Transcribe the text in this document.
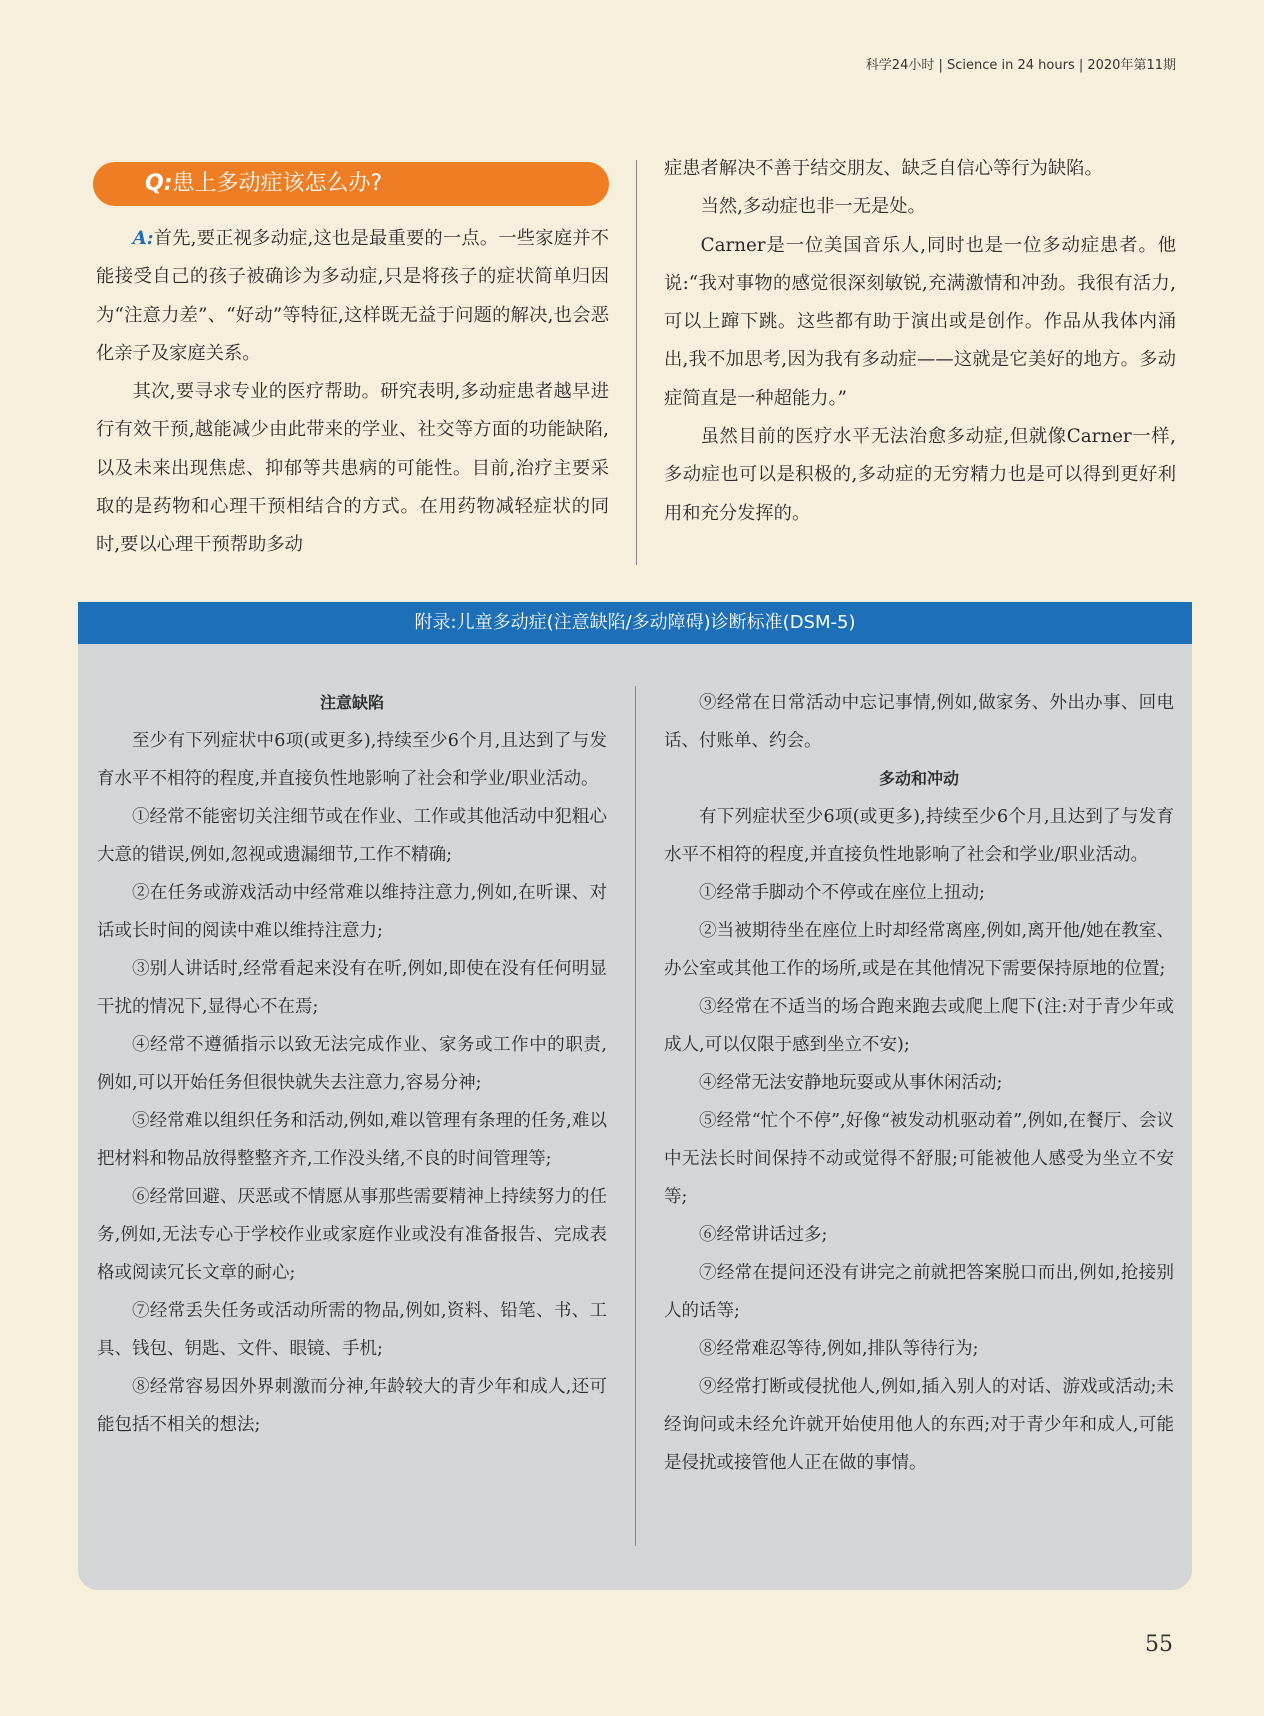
科学24小时 | Science in 24 hours | 2020年第11期
Q:患上多动症该怎么办?

A:首先,要正视多动症,这也是最重要的一点。一些家庭并不能接受自己的孩子被确诊为多动症,只是将孩子的症状简单归因为“注意力差”、“好动”等特征,这样既无益于问题的解决,也会恶化亲子及家庭关系。

其次,要寻求专业的医疗帮助。研究表明,多动症患者越早进行有效干预,越能减少由此带来的学业、社交等方面的功能缺陷,以及未来出现焦虑、抑郁等共患病的可能性。目前,治疗主要采取的是药物和心理干预相结合的方式。在用药物减轻症状的同时,要以心理干预帮助多动

症患者解决不善于结交朋友、缺乏自信心等行为缺陷。

当然,多动症也非一无是处。

Carner是一位美国音乐人,同时也是一位多动症患者。他说:“我对事物的感觉很深刻敏锐,充满激情和冲劲。我很有活力,可以上蹿下跳。这些都有助于演出或是创作。作品从我体内涌出,我不加思考,因为我有多动症——这就是它美好的地方。多动症简直是一种超能力。”

虽然目前的医疗水平无法治愈多动症,但就像Carner一样,多动症也可以是积极的,多动症的无穷精力也是可以得到更好利用和充分发挥的。

附录:儿童多动症(注意缺陷/多动障碍)诊断标准(DSM-5)

注意缺陷

至少有下列症状中6项(或更多),持续至少6个月,且达到了与发育水平不相符的程度,并直接负性地影响了社会和学业/职业活动。

①经常不能密切关注细节或在作业、工作或其他活动中犯粗心大意的错误,例如,忽视或遗漏细节,工作不精确;

②在任务或游戏活动中经常难以维持注意力,例如,在听课、对话或长时间的阅读中难以维持注意力;

③别人讲话时,经常看起来没有在听,例如,即使在没有任何明显干扰的情况下,显得心不在焉;

④经常不遵循指示以致无法完成作业、家务或工作中的职责,例如,可以开始任务但很快就失去注意力,容易分神;

⑤经常难以组织任务和活动,例如,难以管理有条理的任务,难以把材料和物品放得整整齐齐,工作没头绪,不良的时间管理等;

⑥经常回避、厌恶或不情愿从事那些需要精神上持续努力的任务,例如,无法专心于学校作业或家庭作业或没有准备报告、完成表格或阅读冗长文章的耐心;

⑦经常丢失任务或活动所需的物品,例如,资料、铅笔、书、工具、钱包、钥匙、文件、眼镜、手机;

⑧经常容易因外界刺激而分神,年龄较大的青少年和成人,还可能包括不相关的想法;

⑨经常在日常活动中忘记事情,例如,做家务、外出办事、回电话、付账单、约会。

多动和冲动

有下列症状至少6项(或更多),持续至少6个月,且达到了与发育水平不相符的程度,并直接负性地影响了社会和学业/职业活动。

①经常手脚动个不停或在座位上扭动;

②当被期待坐在座位上时却经常离座,例如,离开他/她在教室、办公室或其他工作的场所,或是在其他情况下需要保持原地的位置;

③经常在不适当的场合跑来跑去或爬上爬下(注:对于青少年或成人,可以仅限于感到坐立不安);

④经常无法安静地玩耍或从事休闲活动;

⑤经常“忙个不停”,好像“被发动机驱动着”,例如,在餐厅、会议中无法长时间保持不动或觉得不舒服;可能被他人感受为坐立不安等;

⑥经常讲话过多;

⑦经常在提问还没有讲完之前就把答案脱口而出,例如,抢接别人的话等;

⑧经常难忍等待,例如,排队等待行为;

⑨经常打断或侵扰他人,例如,插入别人的对话、游戏或活动;未经询问或未经允许就开始使用他人的东西;对于青少年和成人,可能是侵扰或接管他人正在做的事情。

55
